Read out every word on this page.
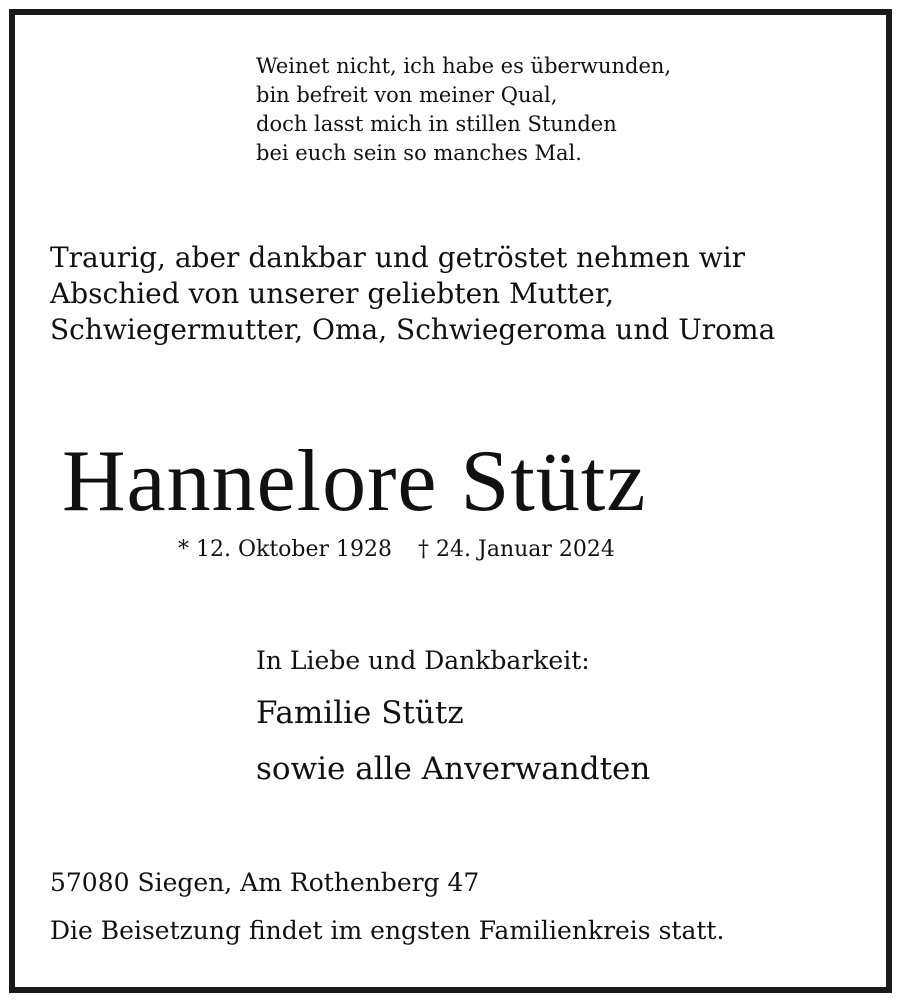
Weinet nicht, ich habe es überwunden,
bin befreit von meiner Qual,
doch lasst mich in stillen Stunden
bei euch sein so manches Mal.
Traurig, aber dankbar und getröstet nehmen wir
Abschied von unserer geliebten Mutter,
Schwiegermutter, Oma, Schwiegeroma und Uroma
Hannelore Stütz
* 12. Oktober 1928 † 24. Januar 2024
In Liebe und Dankbarkeit:
Familie Stütz
sowie alle Anverwandten
57080 Siegen, Am Rothenberg 47
Die Beisetzung findet im engsten Familienkreis statt.
